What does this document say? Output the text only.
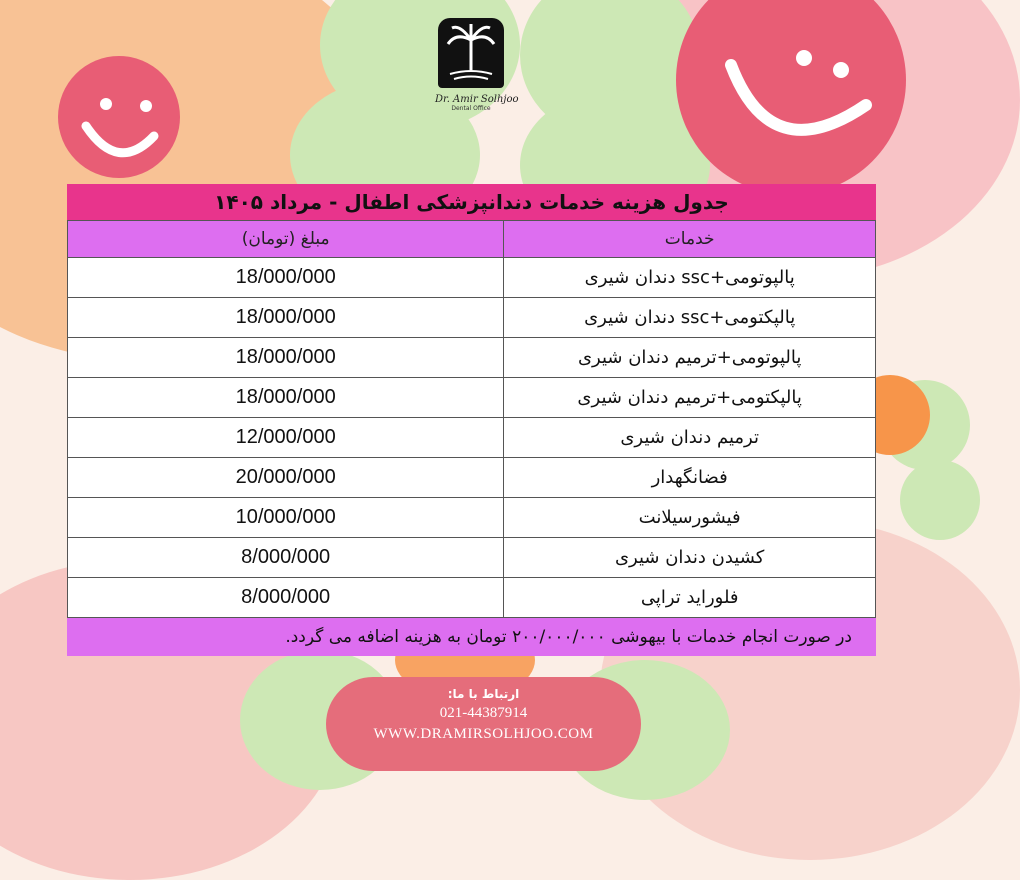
Dr. Amir Solhjoo
Dental Office
جدول هزینه خدمات دندانپزشکی اطفال - مرداد ۱۴۰۵
خدمات	مبلغ (تومان)
پالپوتومی+ssc دندان شیری	18/000/000
پالپکتومی+ssc دندان شیری	18/000/000
پالپوتومی+ترمیم دندان شیری	18/000/000
پالپکتومی+ترمیم دندان شیری	18/000/000
ترمیم دندان شیری	12/000/000
فضانگهدار	20/000/000
فیشورسیلانت	10/000/000
کشیدن دندان شیری	8/000/000
فلوراید تراپی	8/000/000
در صورت انجام خدمات با بیهوشی ۲۰۰/۰۰۰/۰۰۰ تومان به هزینه اضافه می گردد.
ارتباط با ما:
021-44387914
WWW.DRAMIRSOLHJOO.COM
